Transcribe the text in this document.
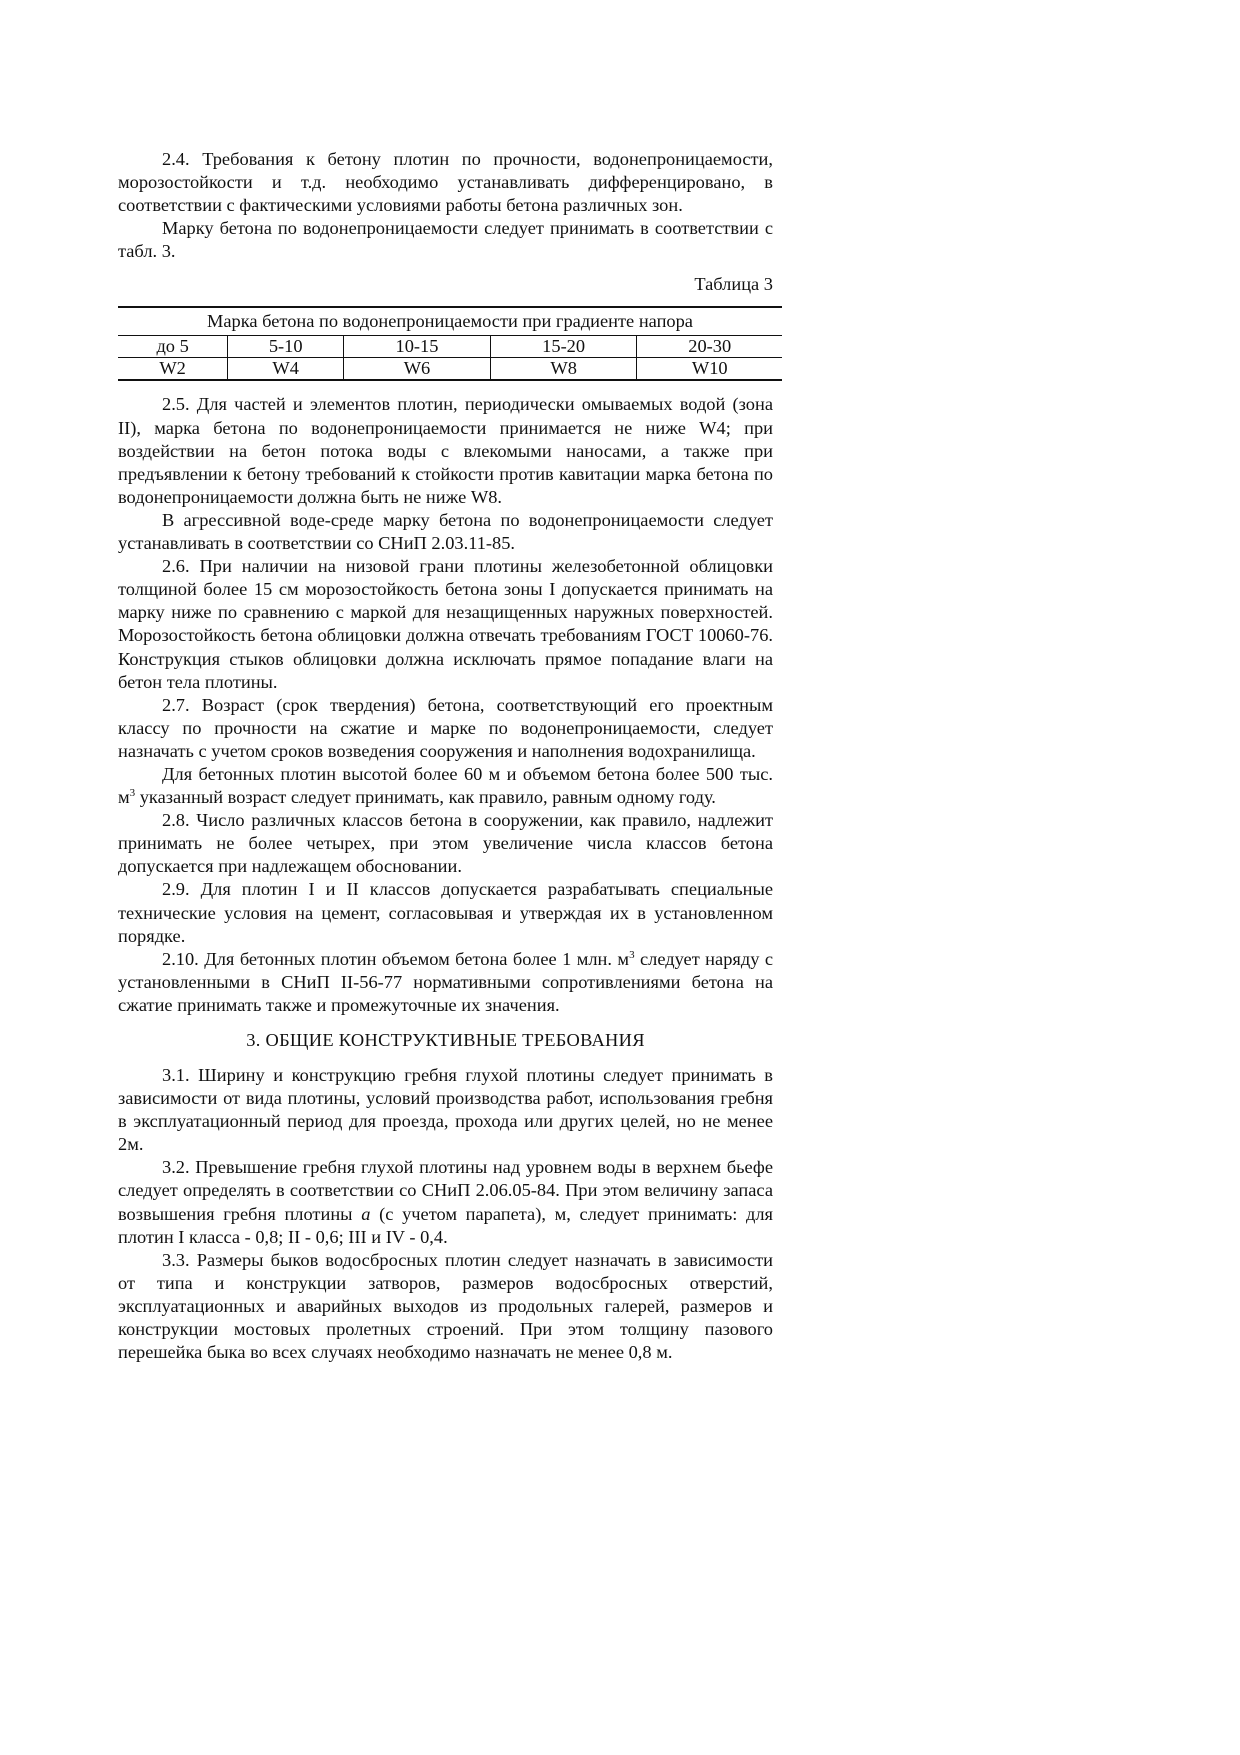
2.4. Требования к бетону плотин по прочности, водонепроницаемости, морозостойкости и т.д. необходимо устанавливать дифференцировано, в соответствии с фактическими условиями работы бетона различных зон.

Марку бетона по водонепроницаемости следует принимать в соответствии с табл. 3.

Таблица 3
Марка бетона по водонепроницаемости при градиенте напора				
до 5	5-10	10-15	15-20	20-30
W2	W4	W6	W8	W10

2.5. Для частей и элементов плотин, периодически омываемых водой (зона II), марка бетона по водонепроницаемости принимается не ниже W4; при воздействии на бетон потока воды с влекомыми наносами, а также при предъявлении к бетону требований к стойкости против кавитации марка бетона по водонепроницаемости должна быть не ниже W8.

В агрессивной воде-среде марку бетона по водонепроницаемости следует устанавливать в соответствии со СНиП 2.03.11-85.

2.6. При наличии на низовой грани плотины железобетонной облицовки толщиной более 15 см морозостойкость бетона зоны I допускается принимать на марку ниже по сравнению с маркой для незащищенных наружных поверхностей. Морозостойкость бетона облицовки должна отвечать требованиям ГОСТ 10060-76. Конструкция стыков облицовки должна исключать прямое попадание влаги на бетон тела плотины.

2.7. Возраст (срок твердения) бетона, соответствующий его проектным классу по прочности на сжатие и марке по водонепроницаемости, следует назначать с учетом сроков возведения сооружения и наполнения водохранилища.

Для бетонных плотин высотой более 60 м и объемом бетона более 500 тыс. $м^3$ указанный возраст следует принимать, как правило, равным одному году.

2.8. Число различных классов бетона в сооружении, как правило, надлежит принимать не более четырех, при этом увеличение числа классов бетона допускается при надлежащем обосновании.

2.9. Для плотин I и II классов допускается разрабатывать специальные технические условия на цемент, согласовывая и утверждая их в установленном порядке.

2.10. Для бетонных плотин объемом бетона более 1 млн. $м^3$ следует наряду с установленными в СНиП II-56-77 нормативными сопротивлениями бетона на сжатие принимать также и промежуточные их значения.

3. ОБЩИЕ КОНСТРУКТИВНЫЕ ТРЕБОВАНИЯ

3.1. Ширину и конструкцию гребня глухой плотины следует принимать в зависимости от вида плотины, условий производства работ, использования гребня в эксплуатационный период для проезда, прохода или других целей, но не менее 2м.

3.2. Превышение гребня глухой плотины над уровнем воды в верхнем бьефе следует определять в соответствии со СНиП 2.06.05-84. При этом величину запаса возвышения гребня плотины a (с учетом парапета), м, следует принимать: для плотин I класса - 0,8; II - 0,6; III и IV - 0,4.

3.3. Размеры быков водосбросных плотин следует назначать в зависимости от типа и конструкции затворов, размеров водосбросных отверстий, эксплуатационных и аварийных выходов из продольных галерей, размеров и конструкции мостовых пролетных строений. При этом толщину пазового перешейка быка во всех случаях необходимо назначать не менее 0,8 м.
